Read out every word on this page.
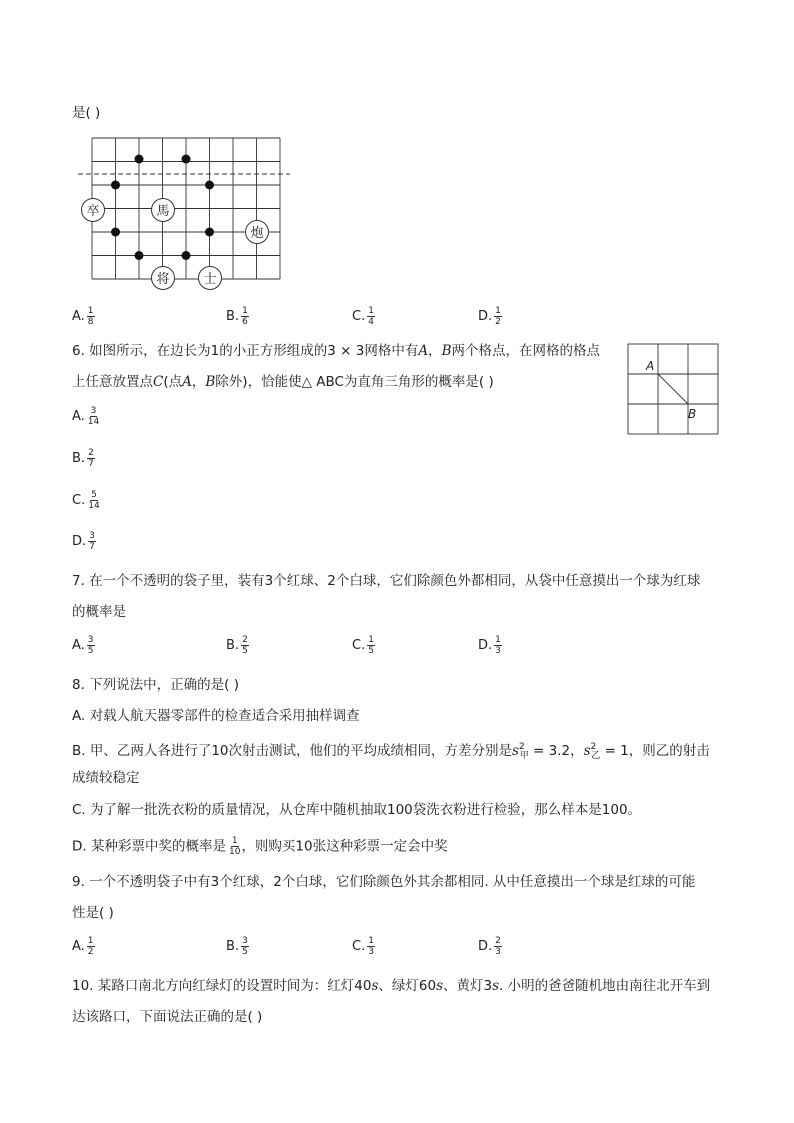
是( )
卒	馬
炮
将	士
A. $\frac{1}{8}$	B. $\frac{1}{6}$	C. $\frac{1}{4}$	D. $\frac{1}{2}$
6. 如图所示，在边长为1的小正方形组成的3 × 3网格中有A，B两个格点，在网格的格点
上任意放置点C(点A，B除外)，恰能使△ ABC为直角三角形的概率是( )
A
B
A. $\frac{3}{14}$
B. $\frac{2}{7}$
C. $\frac{5}{14}$
D. $\frac{3}{7}$
7. 在一个不透明的袋子里，装有3个红球、2个白球，它们除颜色外都相同，从袋中任意摸出一个球为红球
的概率是
A. $\frac{3}{5}$	B. $\frac{2}{5}$	C. $\frac{1}{5}$	D. $\frac{1}{3}$
8. 下列说法中，正确的是( )
A. 对载人航天器零部件的检查适合采用抽样调查
B. 甲、乙两人各进行了10次射击测试，他们的平均成绩相同，方差分别是$s^2_甲 = 3.2$，$s^2_乙 = 1$，则乙的射击
成绩较稳定
C. 为了解一批洗衣粉的质量情况，从仓库中随机抽取100袋洗衣粉进行检验，那么样本是100。
D. 某种彩票中奖的概率是 $\frac{1}{10}$ ，则购买10张这种彩票一定会中奖
9. 一个不透明袋子中有3个红球，2个白球，它们除颜色外其余都相同. 从中任意摸出一个球是红球的可能
性是( )
A. $\frac{1}{2}$	B. $\frac{3}{5}$	C. $\frac{1}{3}$	D. $\frac{2}{3}$
10. 某路口南北方向红绿灯的设置时间为：红灯40s、绿灯60s、黄灯3s. 小明的爸爸随机地由南往北开车到
达该路口，下面说法正确的是( )
